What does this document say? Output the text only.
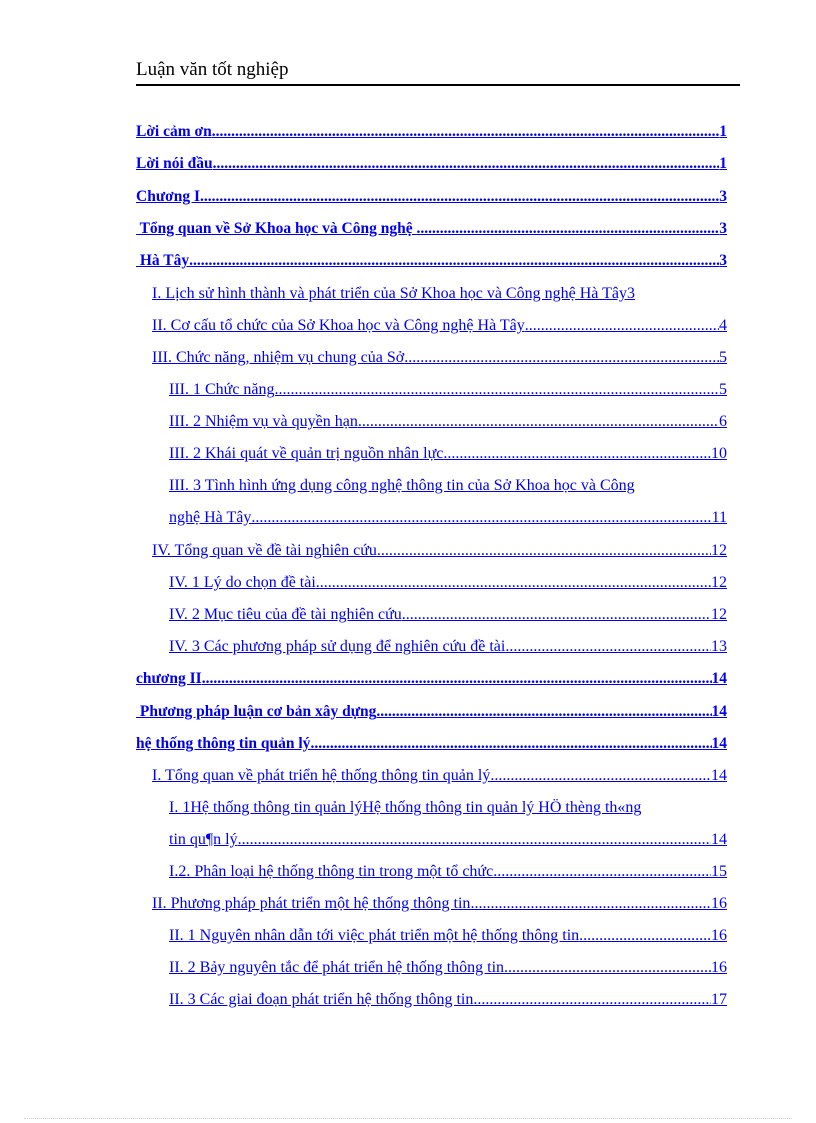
Luận văn tốt nghiệp
Lời cảm ơn .....	1
Lời nói đầu .....	1
Chương I .....	3
Tổng quan về Sở Khoa học và Công nghệ .....	3
Hà Tây .....	3
I. Lịch sử hình thành và phát triển của Sở Khoa học và Công nghệ Hà Tây 3
II. Cơ cấu tổ chức của Sở Khoa học và Công nghệ Hà Tây .....	4
III. Chức năng, nhiệm vụ chung của Sở .....	5
III. 1 Chức năng .....	5
III. 2 Nhiệm vụ và quyền hạn .....	6
III. 2 Khái quát về quản trị nguồn nhân lực .....	10
III. 3 Tình hình ứng dụng công nghệ thông tin của Sở Khoa học và Công
nghệ Hà Tây .....	11
IV. Tổng quan về đề tài nghiên cứu .....	12
IV. 1 Lý do chọn đề tài .....	12
IV. 2 Mục tiêu của đề tài nghiên cứu .....	12
IV. 3 Các phương pháp sử dụng để nghiên cứu đề tài .....	13
chương II .....	14
Phương pháp luận cơ bản xây dựng .....	14
hệ thống thông tin quản lý .....	14
I. Tổng quan về phát triển hệ thống thông tin quản lý .....	14
I. 1Hệ thống thông tin quản lýHệ thống thông tin quản lý HÖ thèng th«ng
tin qu¶n lý .....	14
I.2. Phân loại hệ thống thông tin trong một tổ chức .....	15
II. Phương pháp phát triển một hệ thống thông tin .....	16
II. 1 Nguyên nhân dẫn tới việc phát triển một hệ thống thông tin .....	16
II. 2 Bảy nguyên tắc để phát triển hệ thống thông tin. .....	16
II. 3 Các giai đoạn phát triển hệ thống thông tin .....	17
